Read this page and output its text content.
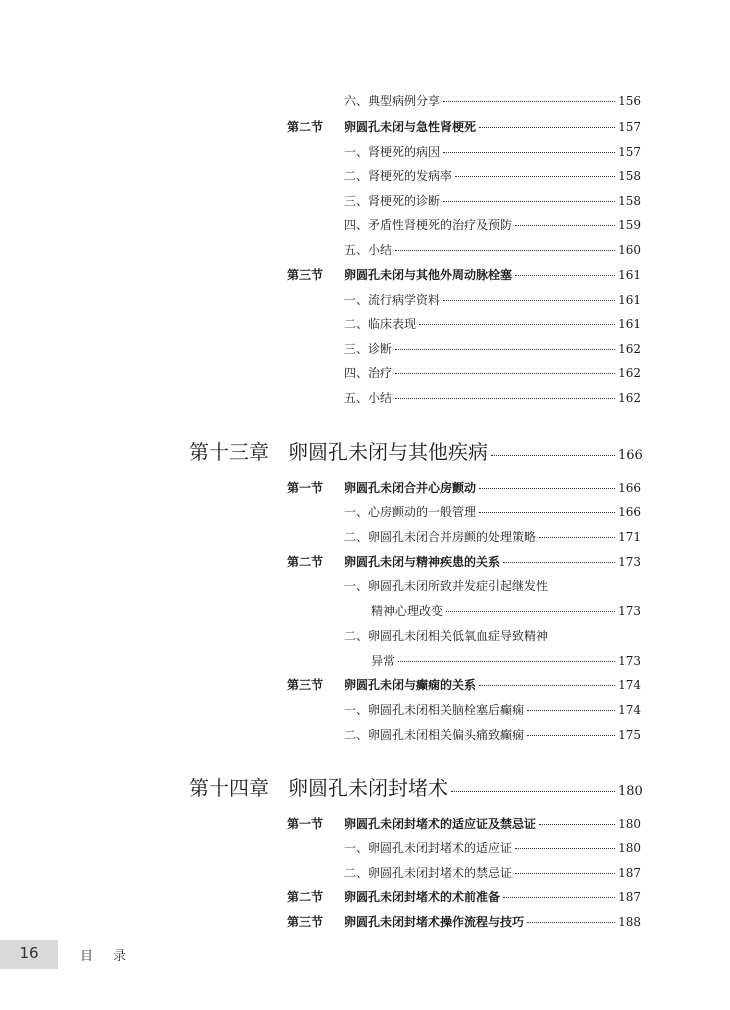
六、典型病例分享	156
第二节 卵圆孔未闭与急性肾梗死	157
一、肾梗死的病因	157
二、肾梗死的发病率	158
三、肾梗死的诊断	158
四、矛盾性肾梗死的治疗及预防	159
五、小结	160
第三节 卵圆孔未闭与其他外周动脉栓塞	161
一、流行病学资料	161
二、临床表现	161
三、诊断	162
四、治疗	162
五、小结	162
第十三章 卵圆孔未闭与其他疾病	166
第一节 卵圆孔未闭合并心房颤动	166
一、心房颤动的一般管理	166
二、卵圆孔未闭合并房颤的处理策略	171
第二节 卵圆孔未闭与精神疾患的关系	173
一、卵圆孔未闭所致并发症引起继发性
精神心理改变	173
二、卵圆孔未闭相关低氧血症导致精神
异常	173
第三节 卵圆孔未闭与癫痫的关系	174
一、卵圆孔未闭相关脑栓塞后癫痫	174
二、卵圆孔未闭相关偏头痛致癫痫	175
第十四章 卵圆孔未闭封堵术	180
第一节 卵圆孔未闭封堵术的适应证及禁忌证	180
一、卵圆孔未闭封堵术的适应证	180
二、卵圆孔未闭封堵术的禁忌证	187
第二节 卵圆孔未闭封堵术的术前准备	187
第三节 卵圆孔未闭封堵术操作流程与技巧	188
16	目 录
